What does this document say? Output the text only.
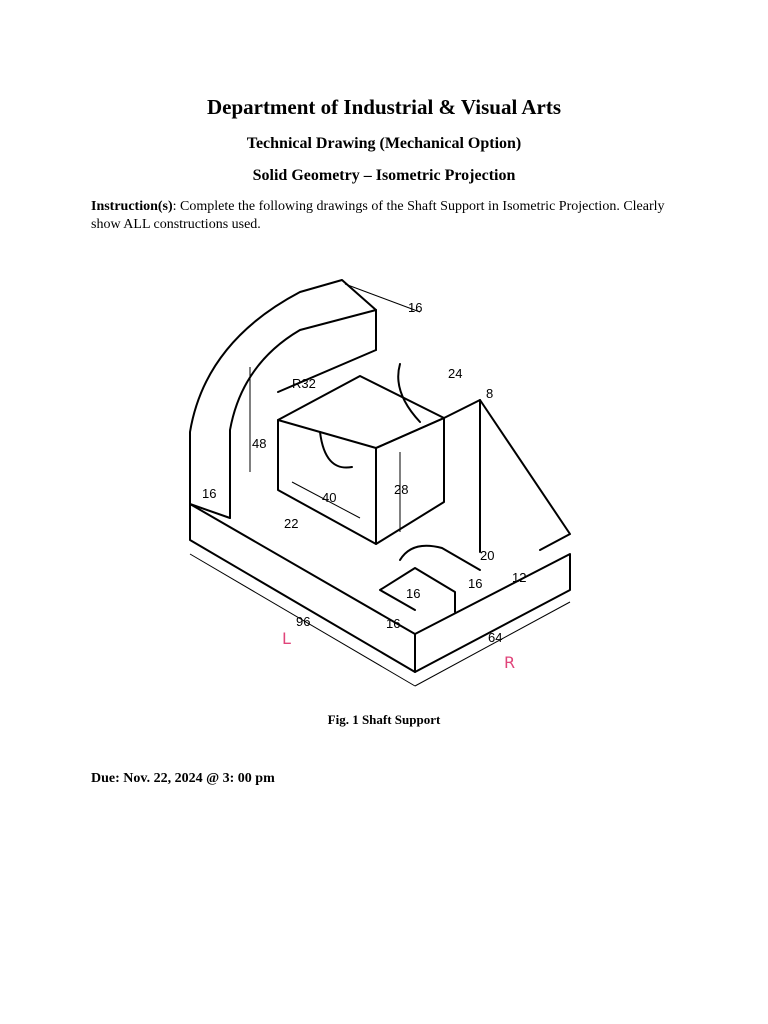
Department of Industrial & Visual Arts
Technical Drawing (Mechanical Option)
Solid Geometry – Isometric Projection

Instruction(s): Complete the following drawings of the Shaft Support in Isometric Projection. Clearly show ALL constructions used.

16
R32
24
8
48
16	40
28
22
20
16
16 12
16
96
64
L
R

Fig. 1 Shaft Support

Due: Nov. 22, 2024 @ 3: 00 pm
